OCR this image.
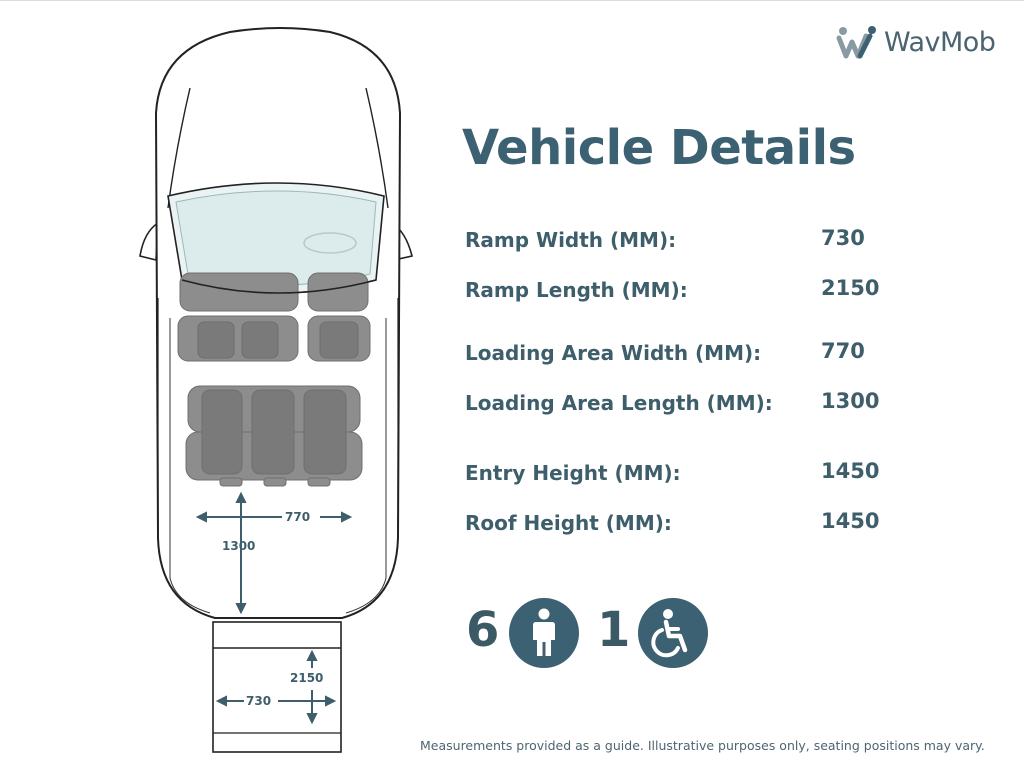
770
1300
2150
730
WavMob
Vehicle Details
Ramp Width (MM):	730
Ramp Length (MM):	2150
Loading Area Width (MM):	770
Loading Area Length (MM): 1300
Entry Height (MM):	1450
Roof Height (MM):	1450
6 1
Measurements provided as a guide. Illustrative purposes only, seating positions may vary.
